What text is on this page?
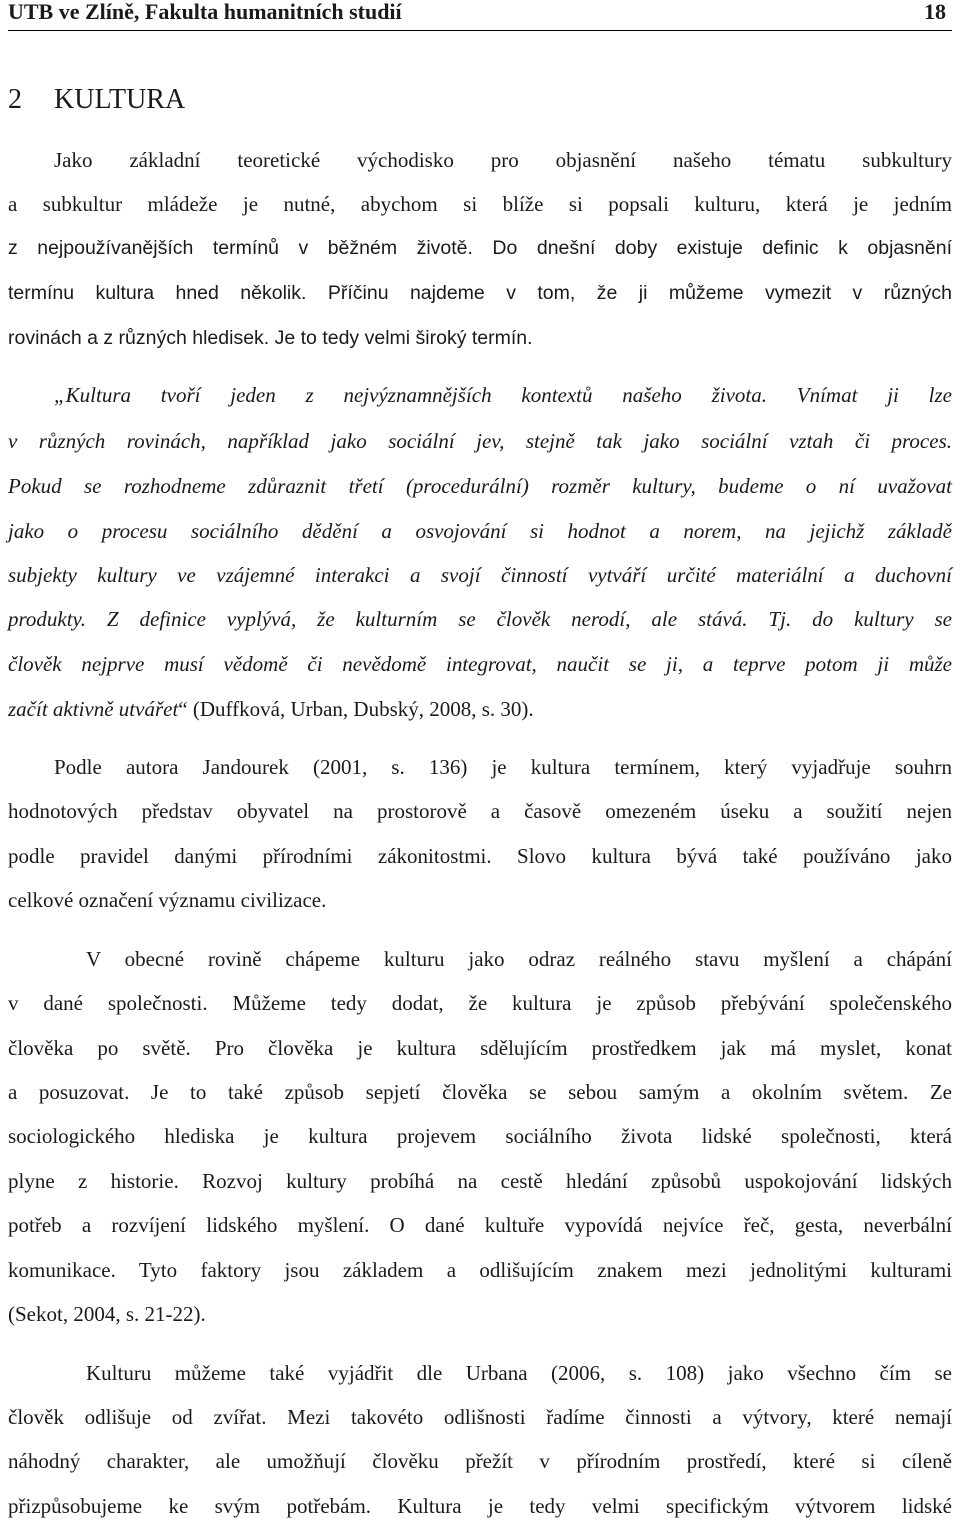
UTB ve Zlíně, Fakulta humanitních studií	18
2 KULTURA
Jako základní teoretické východisko pro objasnění našeho tématu subkultury
a subkultur mládeže je nutné, abychom si blíže si popsali kulturu, která je jedním
z nejpoužívanějších termínů v běžném životě. Do dnešní doby existuje definic k objasnění
termínu kultura hned několik. Příčinu najdeme v tom, že ji můžeme vymezit v různých
rovinách a z různých hledisek. Je to tedy velmi široký termín.
„Kultura tvoří jeden z nejvýznamnějších kontextů našeho života. Vnímat ji lze
v různých rovinách, například jako sociální jev, stejně tak jako sociální vztah či proces.
Pokud se rozhodneme zdůraznit třetí (procedurální) rozměr kultury, budeme o ní uvažovat
jako o procesu sociálního dědění a osvojování si hodnot a norem, na jejichž základě
subjekty kultury ve vzájemné interakci a svojí činností vytváří určité materiální a duchovní
produkty. Z definice vyplývá, že kulturním se člověk nerodí, ale stává. Tj. do kultury se
člověk nejprve musí vědomě či nevědomě integrovat, naučit se ji, a teprve potom ji může
začít aktivně utvářet“ (Duffková, Urban, Dubský, 2008, s. 30).
Podle autora Jandourek (2001, s. 136) je kultura termínem, který vyjadřuje souhrn
hodnotových představ obyvatel na prostorově a časově omezeném úseku a soužití nejen
podle pravidel danými přírodními zákonitostmi. Slovo kultura bývá také používáno jako
celkové označení významu civilizace.
V obecné rovině chápeme kulturu jako odraz reálného stavu myšlení a chápání
v dané společnosti. Můžeme tedy dodat, že kultura je způsob přebývání společenského
člověka po světě. Pro člověka je kultura sdělujícím prostředkem jak má myslet, konat
a posuzovat. Je to také způsob sepjetí člověka se sebou samým a okolním světem. Ze
sociologického hlediska je kultura projevem sociálního života lidské společnosti, která
plyne z historie. Rozvoj kultury probíhá na cestě hledání způsobů uspokojování lidských
potřeb a rozvíjení lidského myšlení. O dané kultuře vypovídá nejvíce řeč, gesta, neverbální
komunikace. Tyto faktory jsou základem a odlišujícím znakem mezi jednolitými kulturami
(Sekot, 2004, s. 21-22).
Kulturu můžeme také vyjádřit dle Urbana (2006, s. 108) jako všechno čím se
člověk odlišuje od zvířat. Mezi takovéto odlišnosti řadíme činnosti a výtvory, které nemají
náhodný charakter, ale umožňují člověku přežít v přírodním prostředí, které si cíleně
přizpůsobujeme ke svým potřebám. Kultura je tedy velmi specifickým výtvorem lidské
